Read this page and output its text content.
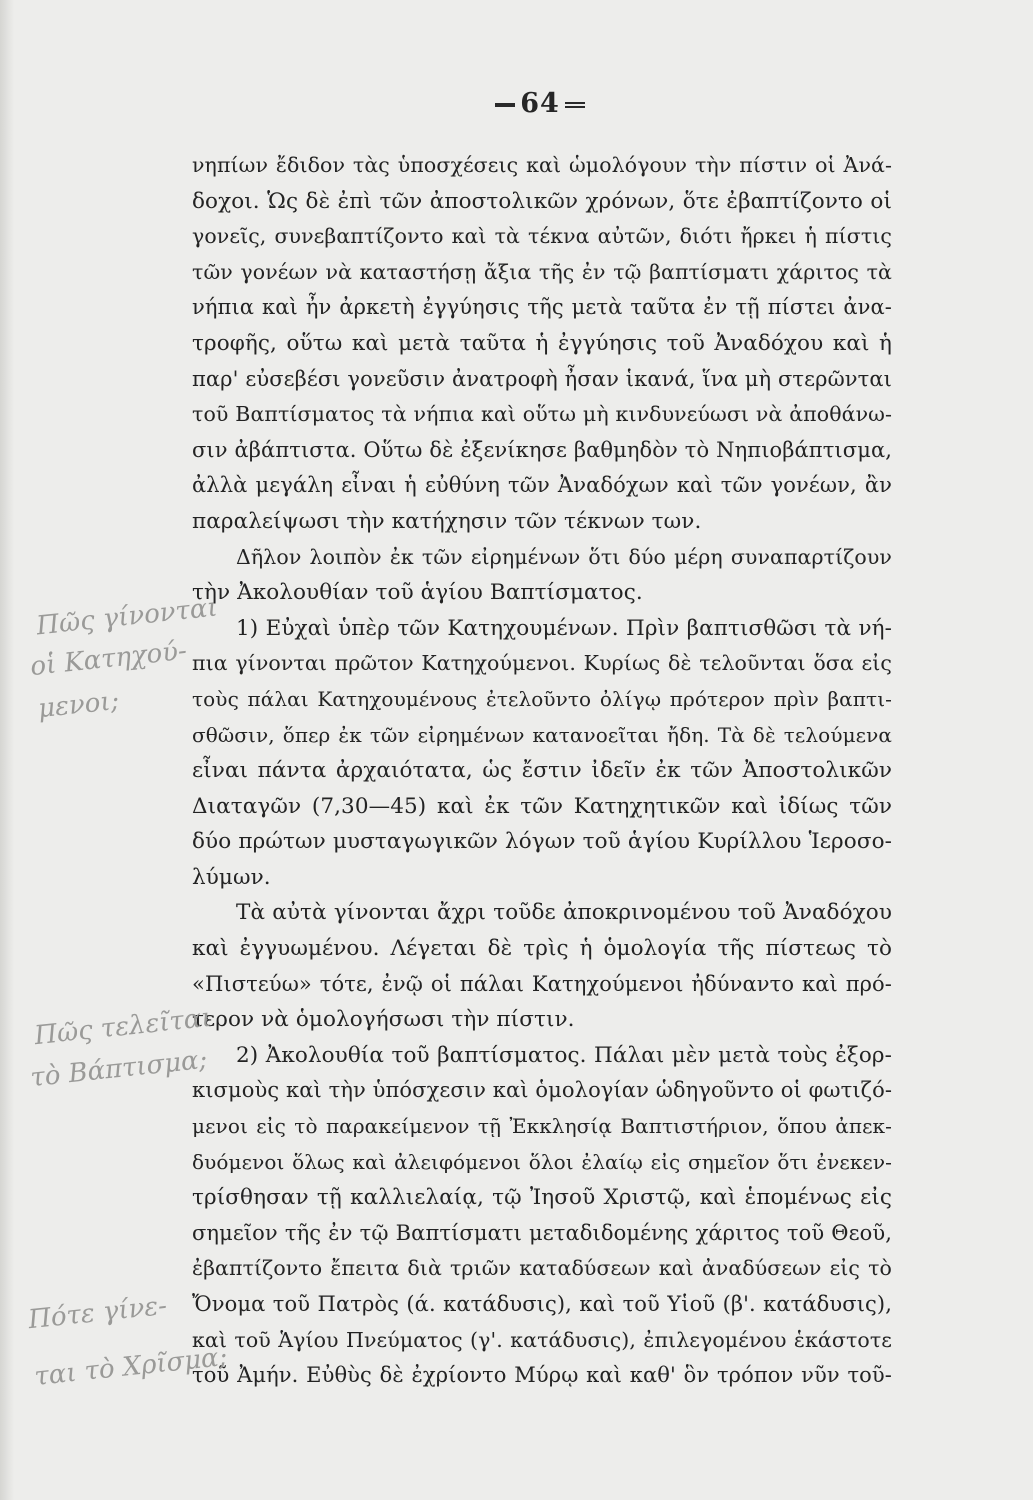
64
νηπίων ἔδιδον τὰς ὑποσχέσεις καὶ ὡμολόγουν τὴν πίστιν οἱ Ἀνά-
δοχοι. Ὡς δὲ ἐπὶ τῶν ἀποστολικῶν χρόνων, ὅτε ἐβαπτίζοντο οἱ
γονεῖς, συνεβαπτίζοντο καὶ τὰ τέκνα αὐτῶν, διότι ἤρκει ἡ πίστις
τῶν γονέων νὰ καταστήσῃ ἄξια τῆς ἐν τῷ βαπτίσματι χάριτος τὰ
νήπια καὶ ἦν ἀρκετὴ ἐγγύησις τῆς μετὰ ταῦτα ἐν τῇ πίστει ἀνα-
τροφῆς, οὕτω καὶ μετὰ ταῦτα ἡ ἐγγύησις τοῦ Ἀναδόχου καὶ ἡ
παρ' εὐσεβέσι γονεῦσιν ἀνατροφὴ ἦσαν ἱκανά, ἵνα μὴ στερῶνται
τοῦ Βαπτίσματος τὰ νήπια καὶ οὕτω μὴ κινδυνεύωσι νὰ ἀποθάνω-
σιν ἀβάπτιστα. Οὕτω δὲ ἐξενίκησε βαθμηδὸν τὸ Νηπιοβάπτισμα,
ἀλλὰ μεγάλη εἶναι ἡ εὐθύνη τῶν Ἀναδόχων καὶ τῶν γονέων, ἂν
παραλείψωσι τὴν κατήχησιν τῶν τέκνων των.
Δῆλον λοιπὸν ἐκ τῶν εἰρημένων ὅτι δύο μέρη συναπαρτίζουν
τὴν Ἀκολουθίαν τοῦ ἁγίου Βαπτίσματος.
1) Εὐχαὶ ὑπὲρ τῶν Κατηχουμένων. Πρὶν βαπτισθῶσι τὰ νή-
πια γίνονται πρῶτον Κατηχούμενοι. Κυρίως δὲ τελοῦνται ὅσα εἰς
τοὺς πάλαι Κατηχουμένους ἐτελοῦντο ὀλίγῳ πρότερον πρὶν βαπτι-
σθῶσιν, ὅπερ ἐκ τῶν εἰρημένων κατανοεῖται ἤδη. Τὰ δὲ τελούμενα
εἶναι πάντα ἀρχαιότατα, ὡς ἔστιν ἰδεῖν ἐκ τῶν Ἀποστολικῶν
Διαταγῶν (7,30—45) καὶ ἐκ τῶν Κατηχητικῶν καὶ ἰδίως τῶν
δύο πρώτων μυσταγωγικῶν λόγων τοῦ ἁγίου Κυρίλλου Ἱεροσο-
λύμων.
Τὰ αὐτὰ γίνονται ἄχρι τοῦδε ἀποκρινομένου τοῦ Ἀναδόχου
καὶ ἐγγυωμένου. Λέγεται δὲ τρὶς ἡ ὁμολογία τῆς πίστεως τὸ
«Πιστεύω» τότε, ἐνῷ οἱ πάλαι Κατηχούμενοι ἠδύναντο καὶ πρό-
τερον νὰ ὁμολογήσωσι τὴν πίστιν.
2) Ἀκολουθία τοῦ βαπτίσματος. Πάλαι μὲν μετὰ τοὺς ἐξορ-
κισμοὺς καὶ τὴν ὑπόσχεσιν καὶ ὁμολογίαν ὡδηγοῦντο οἱ φωτιζό-
μενοι εἰς τὸ παρακείμενον τῇ Ἐκκλησίᾳ Βαπτιστήριον, ὅπου ἀπεκ-
δυόμενοι ὅλως καὶ ἀλειφόμενοι ὅλοι ἐλαίῳ εἰς σημεῖον ὅτι ἐνεκεν-
τρίσθησαν τῇ καλλιελαίᾳ, τῷ Ἰησοῦ Χριστῷ, καὶ ἑπομένως εἰς
σημεῖον τῆς ἐν τῷ Βαπτίσματι μεταδιδομένης χάριτος τοῦ Θεοῦ,
ἐβαπτίζοντο ἔπειτα διὰ τριῶν καταδύσεων καὶ ἀναδύσεων εἰς τὸ
Ὄνομα τοῦ Πατρὸς (ά. κατάδυσις), καὶ τοῦ Υἱοῦ (β'. κατάδυσις),
καὶ τοῦ Ἁγίου Πνεύματος (γ'. κατάδυσις), ἐπιλεγομένου ἑκάστοτε
τοῦ Ἀμήν. Εὐθὺς δὲ ἐχρίοντο Μύρῳ καὶ καθ' ὃν τρόπον νῦν τοῦ-
Πῶς γίνονται
οἱ Κατηχού-
μενοι;
Πῶς τελεῖται
τὸ Βάπτισμα;
Πότε γίνε-
ται τὸ Χρῖσμα;
